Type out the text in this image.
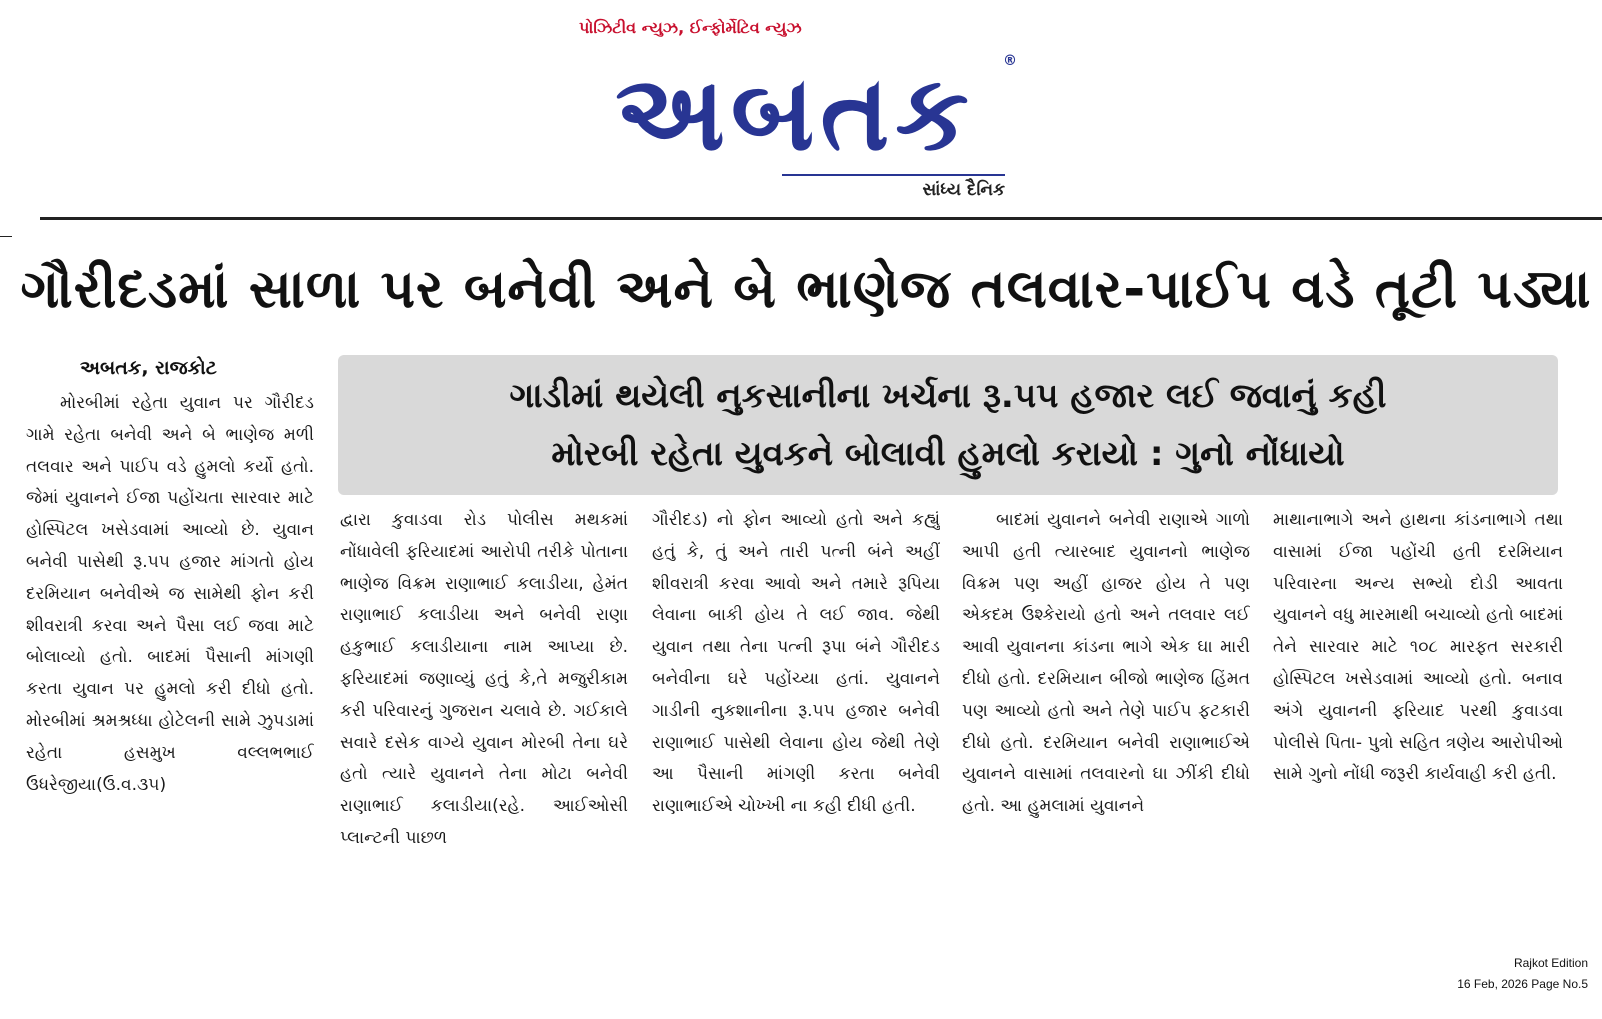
પોઝિટીવ ન્યુઝ, ઈન્ફોર્મેટિવ ન્યુઝ
અબતક ®
સાંધ્ય દૈનિક
ગૌરીદડમાં સાળા પર બનેવી અને બે ભાણેજ તલવાર-પાઈપ વડે તૂટી પડ્યા
ગાડીમાં થયેલી નુકસાનીના ખર્ચના રૂ.૫૫ હજાર લઈ જવાનું કહી
મોરબી રહેતા યુવકને બોલાવી હુમલો કરાયો : ગુનો નોંધાયો
અબતક, રાજકોટ

મોરબીમાં રહેતા યુવાન પર ગૌરીદડ ગામે રહેતા બનેવી અને બે ભાણેજ મળી તલવાર અને પાઈપ વડે હુમલો કર્યો હતો. જેમાં યુવાનને ઈજા પહોંચતા સારવાર માટે હોસ્પિટલ ખસેડવામાં આવ્યો છે. યુવાન બનેવી પાસેથી રૂ.૫૫ હજાર માંગતો હોય દરમિયાન બનેવીએ જ સામેથી ફોન કરી શીવરાત્રી કરવા અને પૈસા લઈ જવા માટે બોલાવ્યો હતો. બાદમાં પૈસાની માંગણી કરતા યુવાન પર હુમલો કરી દીધો હતો. મોરબીમાં શ્રમશ્રધ્ધા હોટેલની સામે ઝુપડામાં રહેતા હસમુખ વલ્લભભાઈ ઉધરેજીયા(ઉ.વ.૩૫)

દ્વારા કુવાડવા રોડ પોલીસ મથકમાં નોંધાવેલી ફરિયાદમાં આરોપી તરીકે પોતાના ભાણેજ વિક્રમ રાણાભાઈ કલાડીયા, હેમંત રાણાભાઈ કલાડીયા અને બનેવી રાણા હકુભાઈ કલાડીયાના નામ આપ્યા છે. ફરિયાદમાં જણાવ્યું હતું કે,તે મજુરીકામ કરી પરિવારનું ગુજરાન ચલાવે છે. ગઈકાલે સવારે દસેક વાગ્યે યુવાન મોરબી તેના ઘરે હતો ત્યારે યુવાનને તેના મોટા બનેવી રાણાભાઈ કલાડીયા(રહે. આઈઓસી પ્લાન્ટની પાછળ

ગૌરીદડ) નો ફોન આવ્યો હતો અને કહ્યું હતું કે, તું અને તારી પત્ની બંને અહીં શીવરાત્રી કરવા આવો અને તમારે રૂપિયા લેવાના બાકી હોય તે લઈ જાવ. જેથી યુવાન તથા તેના પત્ની રૂપા બંને ગૌરીદડ બનેવીના ઘરે પહોંચ્યા હતાં. યુવાનને ગાડીની નુકશાનીના રૂ.૫૫ હજાર બનેવી રાણાભાઈ પાસેથી લેવાના હોય જેથી તેણે આ પૈસાની માંગણી કરતા બનેવી રાણાભાઈએ ચોખ્ખી ના કહી દીધી હતી.

બાદમાં યુવાનને બનેવી રાણાએ ગાળો આપી હતી ત્યારબાદ યુવાનનો ભાણેજ વિક્રમ પણ અહીં હાજર હોય તે પણ એકદમ ઉશ્કેરાયો હતો અને તલવાર લઈ આવી યુવાનના કાંડના ભાગે એક ઘા મારી દીધો હતો. દરમિયાન બીજો ભાણેજ હિંમત પણ આવ્યો હતો અને તેણે પાઈપ ફટકારી દીધો હતો. દરમિયાન બનેવી રાણાભાઈએ યુવાનને વાસામાં તલવારનો ઘા ઝીંકી દીધો હતો. આ હુમલામાં યુવાનને

માથાનાભાગે અને હાથના કાંડનાભાગે તથા વાસામાં ઈજા પહોંચી હતી દરમિયાન પરિવારના અન્ય સભ્યો દોડી આવતા યુવાનને વધુ મારમાથી બચાવ્યો હતો બાદમાં તેને સારવાર માટે ૧૦૮ મારફત સરકારી હોસ્પિટલ ખસેડવામાં આવ્યો હતો. બનાવ અંગે યુવાનની ફરિયાદ પરથી કુવાડવા પોલીસે પિતા- પુત્રો સહિત ત્રણેય આરોપીઓ સામે ગુનો નોંધી જરૂરી કાર્યવાહી કરી હતી.

Rajkot Edition
16 Feb, 2026 Page No.5
